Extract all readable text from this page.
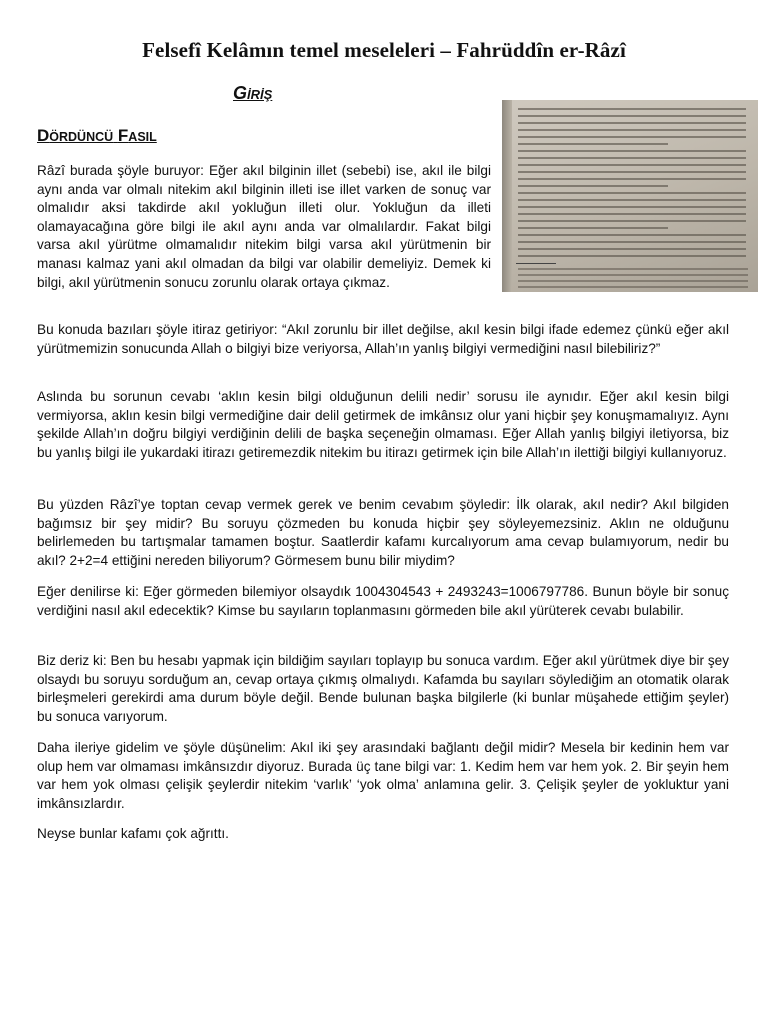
Felsefî Kelâmın temel meseleleri – Fahrüddîn er-Râzî
GİRİŞ
DÖRDÜNCÜ FASIL

Râzî burada şöyle buruyor: Eğer akıl bilginin illet (sebebi) ise, akıl ile bilgi aynı anda var olmalı nitekim akıl bilginin illeti ise illet varken de sonuç var olmalıdır aksi takdirde akıl yokluğun illeti olur. Yokluğun da illeti olamayacağına göre bilgi ile akıl aynı anda var olmalılardır. Fakat bilgi varsa akıl yürütme olmamalıdır nitekim bilgi varsa akıl yürütmenin bir manası kalmaz yani akıl olmadan da bilgi var olabilir demeliyiz. Demek ki bilgi, akıl yürütmenin sonucu zorunlu olarak ortaya çıkmaz.

Bu konuda bazıları şöyle itiraz getiriyor: “Akıl zorunlu bir illet değilse, akıl kesin bilgi ifade edemez çünkü eğer akıl yürütmemizin sonucunda Allah o bilgiyi bize veriyorsa, Allah’ın yanlış bilgiyi vermediğini nasıl bilebiliriz?”

Aslında bu sorunun cevabı ‘aklın kesin bilgi olduğunun delili nedir’ sorusu ile aynıdır. Eğer akıl kesin bilgi vermiyorsa, aklın kesin bilgi vermediğine dair delil getirmek de imkânsız olur yani hiçbir şey konuşmamalıyız. Aynı şekilde Allah’ın doğru bilgiyi verdiğinin delili de başka seçeneğin olmaması. Eğer Allah yanlış bilgiyi iletiyorsa, biz bu yanlış bilgi ile yukardaki itirazı getiremezdik nitekim bu itirazı getirmek için bile Allah’ın ilettiği bilgiyi kullanıyoruz.

Bu yüzden Râzî’ye toptan cevap vermek gerek ve benim cevabım şöyledir: İlk olarak, akıl nedir? Akıl bilgiden bağımsız bir şey midir? Bu soruyu çözmeden bu konuda hiçbir şey söyleyemezsiniz. Aklın ne olduğunu belirlemeden bu tartışmalar tamamen boştur. Saatlerdir kafamı kurcalıyorum ama cevap bulamıyorum, nedir bu akıl? 2+2=4 ettiğini nereden biliyorum? Görmesem bunu bilir miydim?

Eğer denilirse ki: Eğer görmeden bilemiyor olsaydık 1004304543 + 2493243=1006797786. Bunun böyle bir sonuç verdiğini nasıl akıl edecektik? Kimse bu sayıların toplanmasını görmeden bile akıl yürüterek cevabı bulabilir.

Biz deriz ki: Ben bu hesabı yapmak için bildiğim sayıları toplayıp bu sonuca vardım. Eğer akıl yürütmek diye bir şey olsaydı bu soruyu sorduğum an, cevap ortaya çıkmış olmalıydı. Kafamda bu sayıları söylediğim an otomatik olarak birleşmeleri gerekirdi ama durum böyle değil. Bende bulunan başka bilgilerle (ki bunlar müşahede ettiğim şeyler) bu sonuca varıyorum.

Daha ileriye gidelim ve şöyle düşünelim: Akıl iki şey arasındaki bağlantı değil midir? Mesela bir kedinin hem var olup hem var olmaması imkânsızdır diyoruz. Burada üç tane bilgi var: 1. Kedim hem var hem yok. 2. Bir şeyin hem var hem yok olması çelişik şeylerdir nitekim ‘varlık’ ‘yok olma’ anlamına gelir. 3. Çelişik şeyler de yokluktur yani imkânsızlardır.

Neyse bunlar kafamı çok ağrıttı.
